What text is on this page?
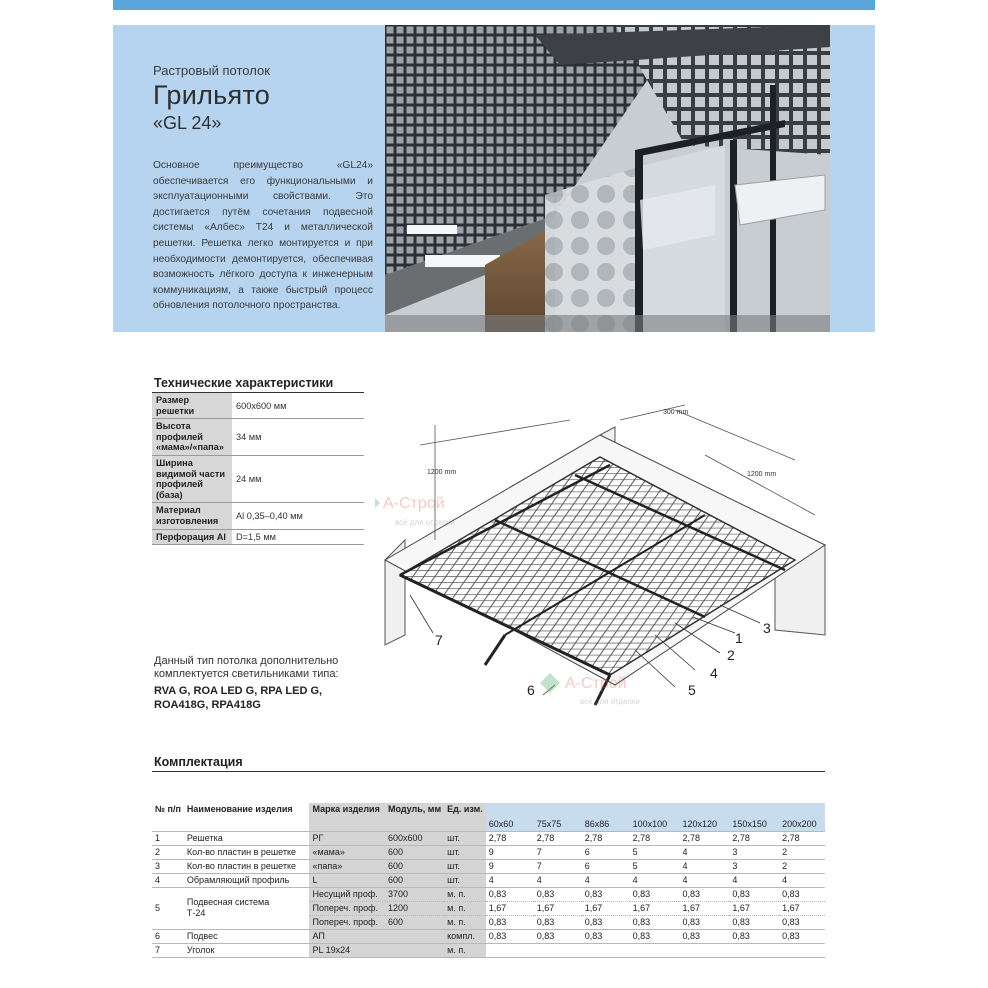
Растровый потолок
Грильято
«GL 24»

Основное преимущество «GL24» обеспечивается его функциональными и эксплуатационными свойствами. Это достигается путём сочетания подвесной системы «Албес» Т24 и металлической решетки. Решетка легко монтируется и при необходимости демонтируется, обеспечивая возможность лёгкого доступа к инженерным коммуникациям, а также быстрый процесс обновления потолочного пространства.

Технические характеристики
Размер решетки	600х600 мм
Высота профилей «мама»/«папа»	34 мм
Ширина видимой части профилей (база)	24 мм
Материал изготовления	Al 0,35–0,40 мм
Перфорация Al	D=1,5 мм
300 mm
1200 mm	1200 mm
1
2
3
4
5
6
7
А-Строй
всё для отделки
А-Строй
всё для отделки

Данный тип потолка дополнительно комплектуется светильниками типа:

RVA G, ROA LED G, RPA LED G,
ROA418G, RPA418G
Комплектация
№ п/п	Наименование изделия	Марка изделия	Модуль, мм	Ед. изм.							
					60х60	75х75	86х86	100х100	120х120	150х150	200х200
1	Решетка	РГ	600х600	шт.	2,78	2,78	2,78	2,78	2,78	2,78	2,78
2	Кол-во пластин в решетке	«мама»	600	шт.	9	7	6	5	4	3	2
3	Кол-во пластин в решетке	«папа»	600	шт.	9	7	6	5	4	3	2
4	Обрамляющий профиль	L	600	шт.	4	4	4	4	4	4	4
5	Подвесная система
Т-24	Несущий проф.	3700	м. п.	0,83	0,83	0,83	0,83	0,83	0,83	0,83
		Попереч. проф.	1200	м. п.	1,67	1,67	1,67	1,67	1,67	1,67	1,67
		Попереч. проф.	600	м. п.	0,83	0,83	0,83	0,83	0,83	0,83	0,83
6	Подвес	АП		компл.	0,83	0,83	0,83	0,83	0,83	0,83	0,83
7	Уголок	PL 19х24		м. п.							
